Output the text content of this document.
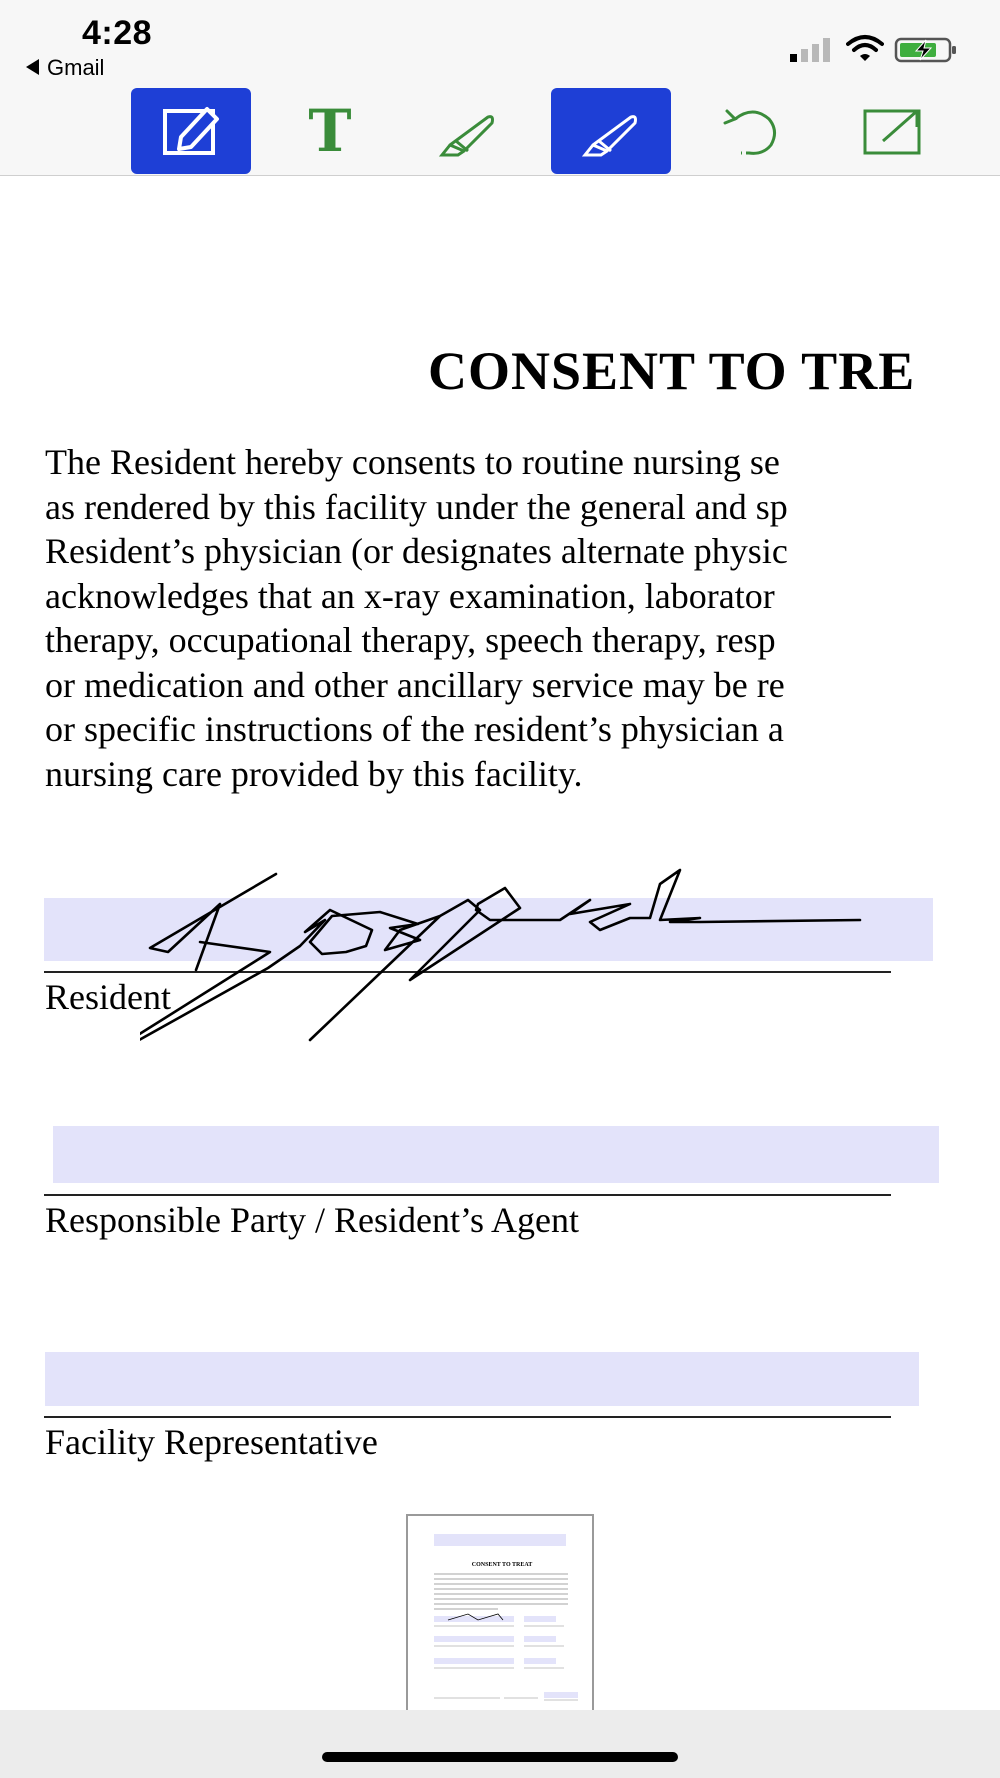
4:28
Gmail
T
CONSENT TO TRE
The Resident hereby consents to routine nursing se
as rendered by this facility under the general and sp
Resident’s physician (or designates alternate physic
acknowledges that an x-ray examination, laborator
therapy, occupational therapy, speech therapy, resp
or medication and other ancillary service may be re
or specific instructions of the resident’s physician a
nursing care provided by this facility.
Resident
Responsible Party / Resident’s Agent
Facility Representative
CONSENT TO TREAT
